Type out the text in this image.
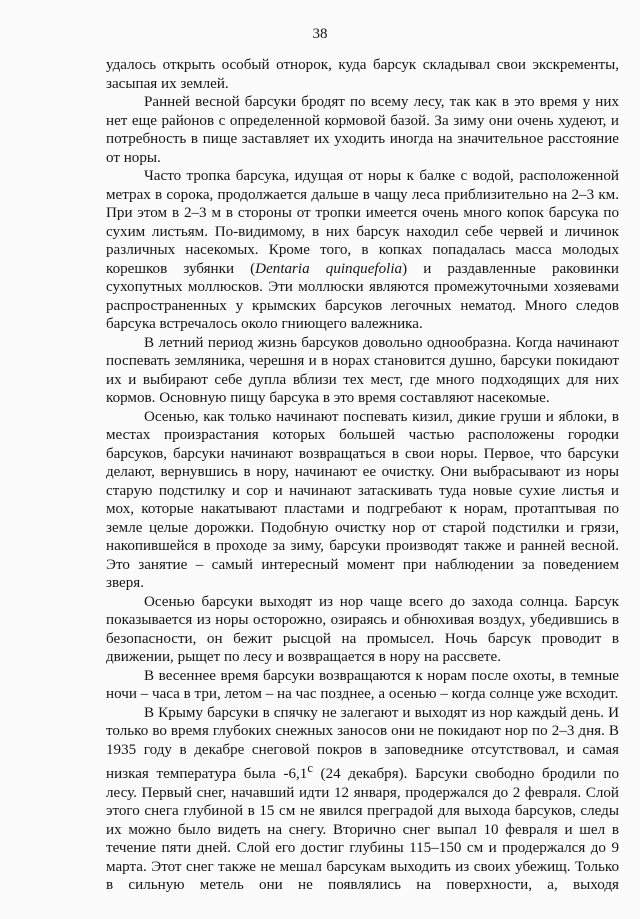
38

удалось открыть особый отнорок, куда барсук складывал свои экскременты, засыпая их землей.

Ранней весной барсуки бродят по всему лесу, так как в это время у них нет еще районов с определенной кормовой базой. За зиму они очень худеют, и потребность в пище заставляет их уходить иногда на значительное расстояние от норы.

Часто тропка барсука, идущая от норы к балке с водой, расположенной метрах в сорока, продолжается дальше в чащу леса приблизительно на 2–3 км. При этом в 2–3 м в стороны от тропки имеется очень много копок барсука по сухим листьям. По-видимому, в них барсук находил себе червей и личинок различных насекомых. Кроме того, в копках попадалась масса молодых корешков зубянки (Dentaria quinquefolia) и раздавленные раковинки сухопутных моллюсков. Эти моллюски являются промежуточными хозяевами распространенных у крымских барсуков легочных нематод. Много следов барсука встречалось около гниющего валежника.

В летний период жизнь барсуков довольно однообразна. Когда начинают поспевать земляника, черешня и в норах становится душно, барсуки покидают их и выбирают себе дупла вблизи тех мест, где много подходящих для них кормов. Основную пищу барсука в это время составляют насекомые.

Осенью, как только начинают поспевать кизил, дикие груши и яблоки, в местах произрастания которых большей частью расположены городки барсуков, барсуки начинают возвращаться в свои норы. Первое, что барсуки делают, вернувшись в нору, начинают ее очистку. Они выбрасывают из норы старую подстилку и сор и начинают затаскивать туда новые сухие листья и мох, которые накатывают пластами и подгребают к норам, протаптывая по земле целые дорожки. Подобную очистку нор от старой подстилки и грязи, накопившейся в проходе за зиму, барсуки производят также и ранней весной. Это занятие – самый интересный момент при наблюдении за поведением зверя.

Осенью барсуки выходят из нор чаще всего до захода солнца. Барсук показывается из норы осторожно, озираясь и обнюхивая воздух, убедившись в безопасности, он бежит рысцой на промысел. Ночь барсук проводит в движении, рыщет по лесу и возвращается в нору на рассвете.

В весеннее время барсуки возвращаются к норам после охоты, в темные ночи – часа в три, летом – на час позднее, а осенью – когда солнце уже всходит.

В Крыму барсуки в спячку не залегают и выходят из нор каждый день. И только во время глубоких снежных заносов они не покидают нор по 2–3 дня. В 1935 году в декабре снеговой покров в заповеднике отсутствовал, и самая низкая температура была $-6,1^с$ (24 декабря). Барсуки свободно бродили по лесу. Первый снег, начавший идти 12 января, продержался до 2 февраля. Слой этого снега глубиной в 15 см не явился преградой для выхода барсуков, следы их можно было видеть на снегу. Вторично снег выпал 10 февраля и шел в течение пяти дней. Слой его достиг глубины 115–150 см и продержался до 9 марта. Этот снег также не мешал барсукам выходить из своих убежищ. Только в сильную метель они не появлялись на поверхности, а, выходя
